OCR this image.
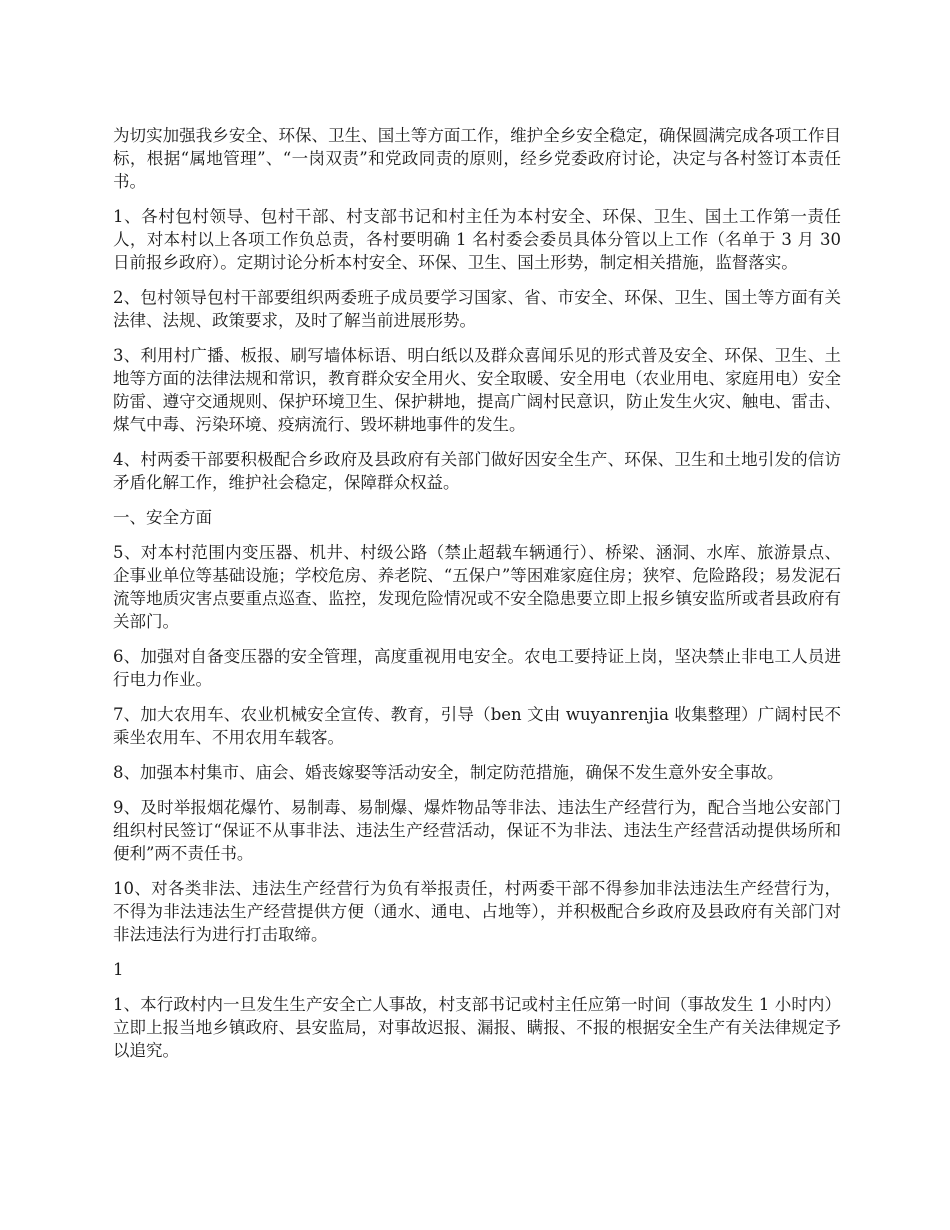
为切实加强我乡安全、环保、卫生、国土等方面工作，维护全乡安全稳定，确保圆满完成各项工作目标，根据“属地管理”、“一岗双责”和党政同责的原则，经乡党委政府讨论，决定与各村签订本责任书。

1、各村包村领导、包村干部、村支部书记和村主任为本村安全、环保、卫生、国土工作第一责任人，对本村以上各项工作负总责，各村要明确 1 名村委会委员具体分管以上工作（名单于 3 月 30 日前报乡政府）。定期讨论分析本村安全、环保、卫生、国土形势，制定相关措施，监督落实。

2、包村领导包村干部要组织两委班子成员要学习国家、省、市安全、环保、卫生、国土等方面有关法律、法规、政策要求，及时了解当前进展形势。

3、利用村广播、板报、刷写墙体标语、明白纸以及群众喜闻乐见的形式普及安全、环保、卫生、土地等方面的法律法规和常识，教育群众安全用火、安全取暖、安全用电（农业用电、家庭用电）安全防雷、遵守交通规则、保护环境卫生、保护耕地，提高广阔村民意识，防止发生火灾、触电、雷击、煤气中毒、污染环境、疫病流行、毁坏耕地事件的发生。

4、村两委干部要积极配合乡政府及县政府有关部门做好因安全生产、环保、卫生和土地引发的信访矛盾化解工作，维护社会稳定，保障群众权益。

一、安全方面

5、对本村范围内变压器、机井、村级公路（禁止超载车辆通行）、桥梁、涵洞、水库、旅游景点、企事业单位等基础设施；学校危房、养老院、“五保户”等困难家庭住房；狭窄、危险路段；易发泥石流等地质灾害点要重点巡查、监控，发现危险情况或不安全隐患要立即上报乡镇安监所或者县政府有关部门。

6、加强对自备变压器的安全管理，高度重视用电安全。农电工要持证上岗，坚决禁止非电工人员进行电力作业。

7、加大农用车、农业机械安全宣传、教育，引导（ben 文由 wuyanrenjia 收集整理）广阔村民不乘坐农用车、不用农用车载客。

8、加强本村集市、庙会、婚丧嫁娶等活动安全，制定防范措施，确保不发生意外安全事故。

9、及时举报烟花爆竹、易制毒、易制爆、爆炸物品等非法、违法生产经营行为，配合当地公安部门组织村民签订“保证不从事非法、违法生产经营活动，保证不为非法、违法生产经营活动提供场所和便利”两不责任书。

10、对各类非法、违法生产经营行为负有举报责任，村两委干部不得参加非法违法生产经营行为，不得为非法违法生产经营提供方便（通水、通电、占地等），并积极配合乡政府及县政府有关部门对非法违法行为进行打击取缔。

1

1、本行政村内一旦发生生产安全亡人事故，村支部书记或村主任应第一时间（事故发生 1 小时内）立即上报当地乡镇政府、县安监局，对事故迟报、漏报、瞒报、不报的根据安全生产有关法律规定予以追究。
